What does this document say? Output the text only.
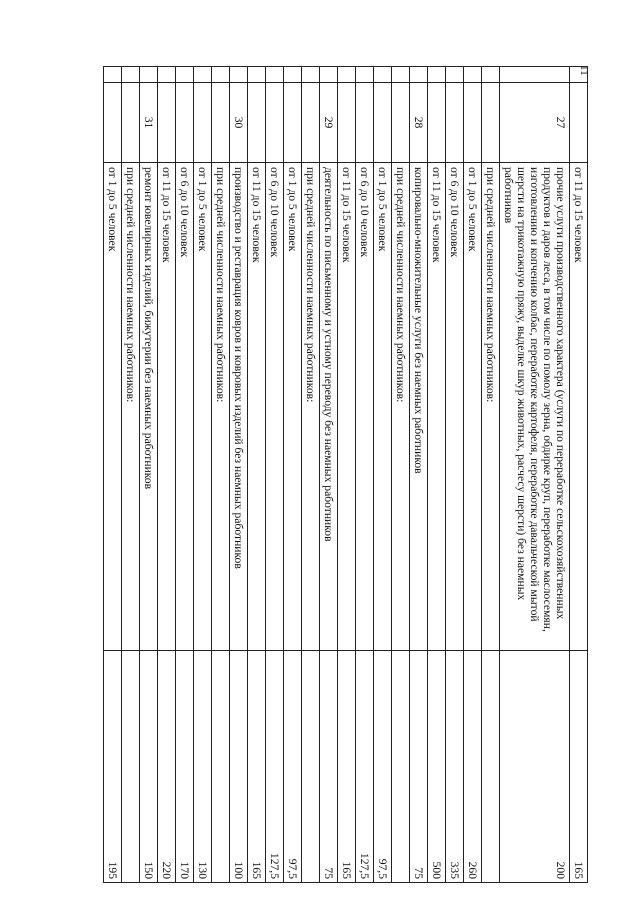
11
		от 11 до 15 человек	165
	27	прочие услуги производственного характера (услуги по переработке сельскохозяйственных продуктов и даров леса, в том числе по помолу зерна, обдирке круп, переработке маслосемян, изготовлению и копчению колбас, переработке картофеля, переработке давальческой мытой шерсти на трикотажную пряжу, выделке шкур животных, расчесу шерсти) без наемных работников	200
		при средней численности наемных работников:	
		от 1 до 5 человек	260
		от 6 до 10 человек	335
		от 11 до 15 человек	500
	28	копировально-множительные услуги без наемных работников	75
		при средней численности наемных работников:	
		от 1 до 5 человек	97,5
		от 6 до 10 человек	127,5
		от 11 до 15 человек	165
	29	деятельность по письменному и устному переводу без наемных работников	75
		при средней численности наемных работников:	
		от 1 до 5 человек	97,5
		от 6 до 10 человек	127,5
		от 11 до 15 человек	165
	30	производство и реставрация ковров и ковровых изделий без наемных работников	100
		при средней численности наемных работников:	
		от 1 до 5 человек	130
		от 6 до 10 человек	170
		от 11 до 15 человек	220
	31	ремонт ювелирных изделий, бижутерии без наемных работников	150
		при средней численности наемных работников:	
		от 1 до 5 человек	195
